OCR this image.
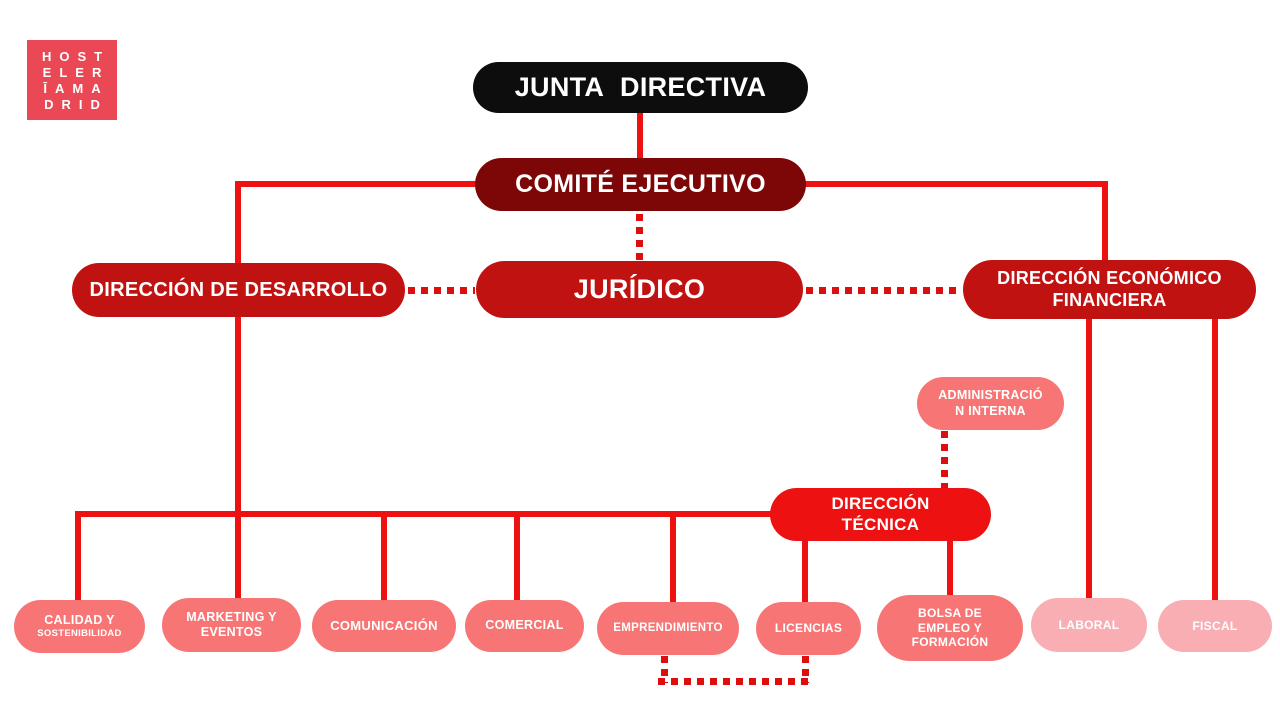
HOST
ELER
ĪAMA
DRID
JUNTA DIRECTIVA
COMITÉ EJECUTIVO
DIRECCIÓN DE DESARROLLO	JURÍDICO	DIRECCIÓN ECONÓMICO
FINANCIERA
ADMINISTRACIÓ
N INTERNA
DIRECCIÓN
TÉCNICA
CALIDAD Y
SOSTENIBILIDAD
MARKETING Y
EVENTOS	COMUNICACIÓN	COMERCIAL	EMPRENDIMIENTO	LICENCIAS
BOLSA DE
EMPLEO Y
FORMACIÓN
LABORAL	FISCAL
